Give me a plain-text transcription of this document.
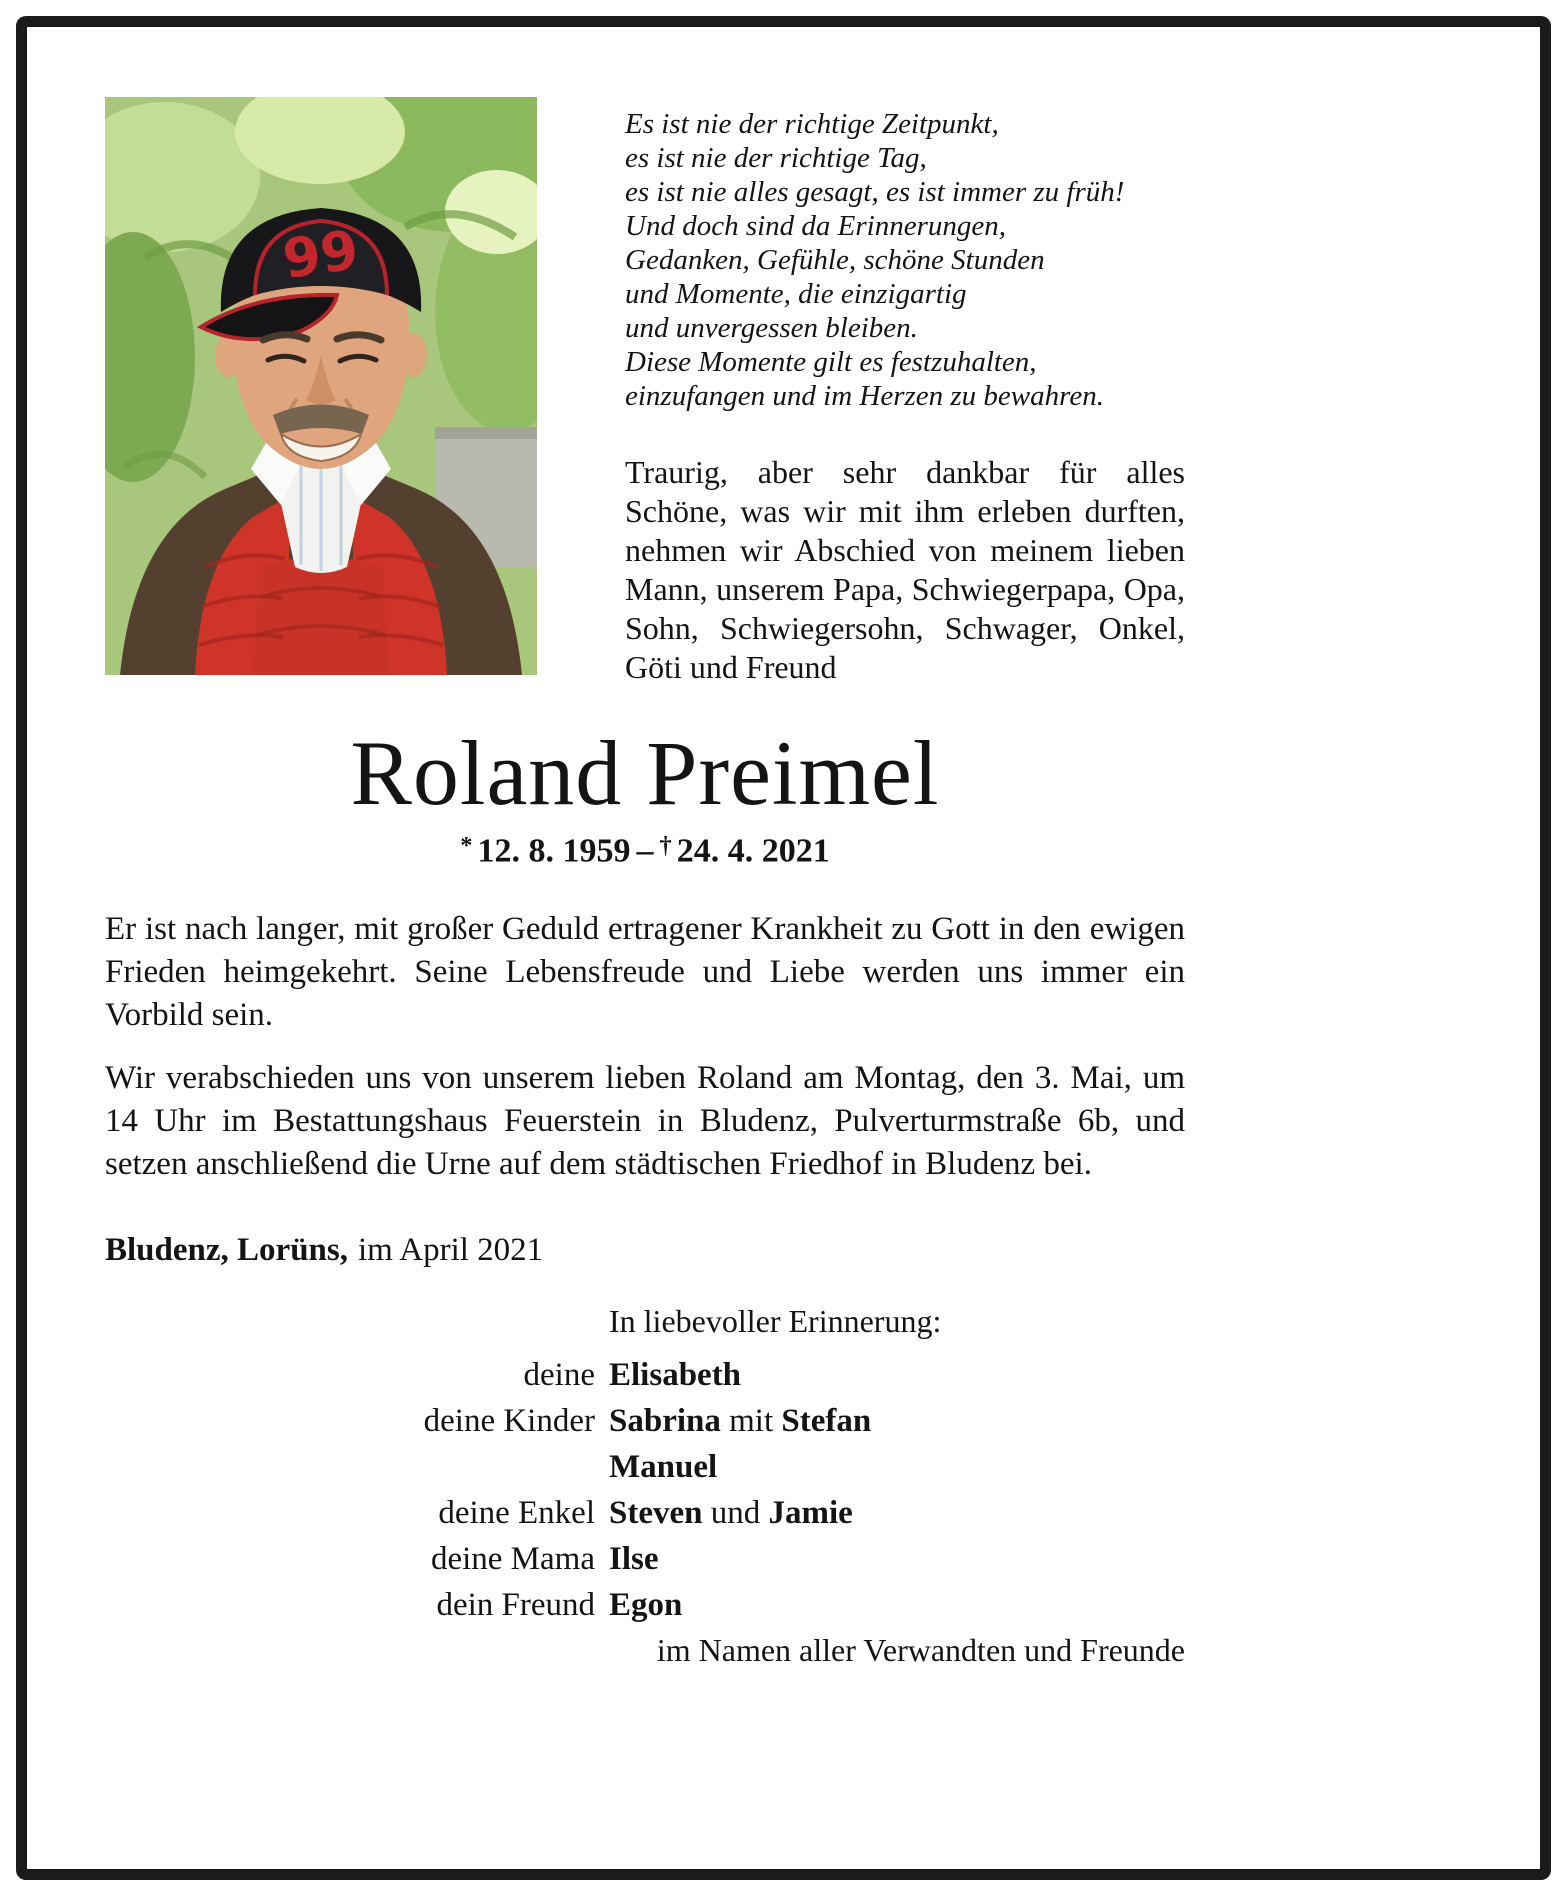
99
Es ist nie der richtige Zeitpunkt,
es ist nie der richtige Tag,
es ist nie alles gesagt, es ist immer zu früh!
Und doch sind da Erinnerungen,
Gedanken, Gefühle, schöne Stunden
und Momente, die einzigartig
und unvergessen bleiben.
Diese Momente gilt es festzuhalten,
einzufangen und im Herzen zu bewahren.

Traurig, aber sehr dankbar für alles Schöne, was wir mit ihm erleben durften, nehmen wir Abschied von meinem lieben Mann, unserem Papa, Schwiegerpapa, Opa, Sohn, Schwiegersohn, Schwager, Onkel, Göti und Freund

Roland Preimel
* 12. 8. 1959 – † 24. 4. 2021

Er ist nach langer, mit großer Geduld ertragener Krankheit zu Gott in den ewigen Frieden heimgekehrt. Seine Lebensfreude und Liebe werden uns immer ein Vorbild sein.

Wir verabschieden uns von unserem lieben Roland am Montag, den 3. Mai, um 14 Uhr im Bestattungshaus Feuerstein in Bludenz, Pulverturmstraße 6b, und setzen anschließend die Urne auf dem städtischen Friedhof in Bludenz bei.

Bludenz, Lorüns, im April 2021

In liebevoller Erinnerung:
deine Elisabeth
deine Kinder Sabrina mit Stefan
Manuel
deine Enkel Steven und Jamie
deine Mama Ilse
dein Freund Egon
im Namen aller Verwandten und Freunde
